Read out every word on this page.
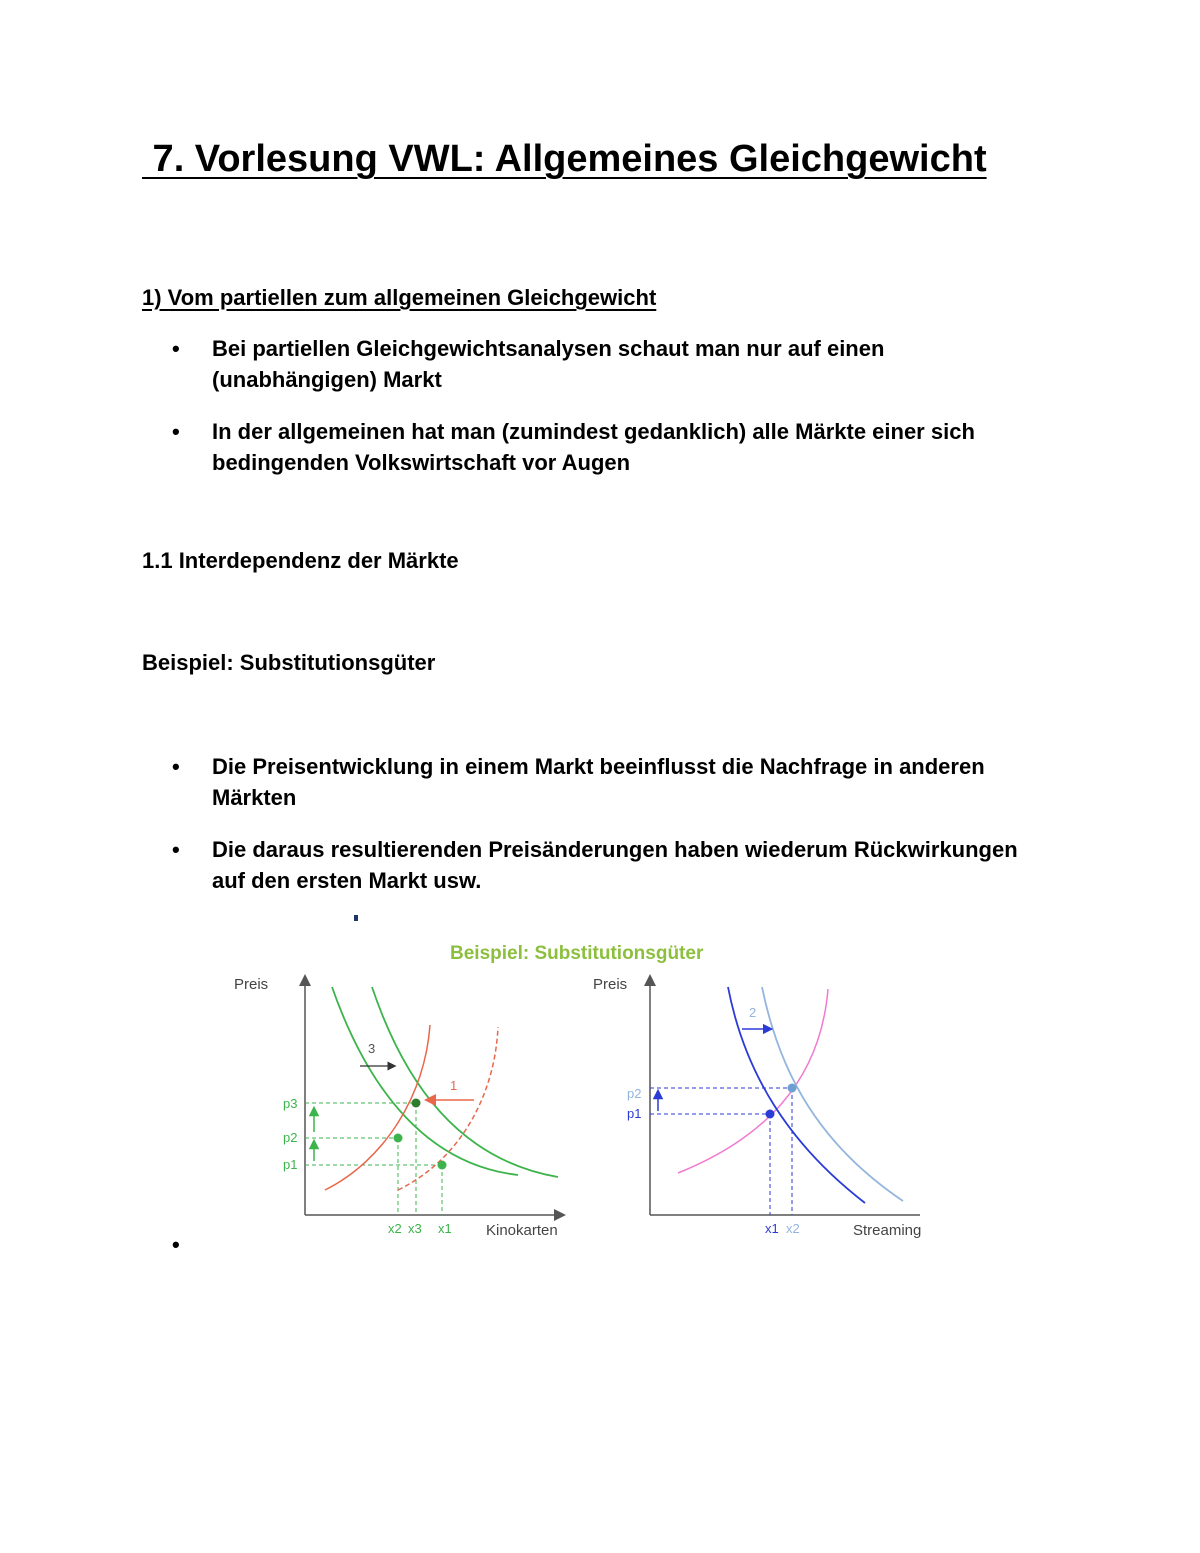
7. Vorlesung VWL: Allgemeines Gleichgewicht
1) Vom partiellen zum allgemeinen Gleichgewicht
• Bei partiellen Gleichgewichtsanalysen schaut man nur auf einen (unabhängigen) Markt
• In der allgemeinen hat man (zumindest gedanklich) alle Märkte einer sich bedingenden Volkswirtschaft vor Augen
1.1 Interdependenz der Märkte
Beispiel: Substitutionsgüter
• Die Preisentwicklung in einem Markt beeinflusst die Nachfrage in anderen Märkten
• Die daraus resultierenden Preisänderungen haben wiederum Rückwirkungen auf den ersten Markt usw.
Beispiel: Substitutionsgüter
Preis
Kinokarten
3
1
p3
p2
p1
x2 x3 x1
Preis
Streaming
2
p2
p1
x1 x2
•
